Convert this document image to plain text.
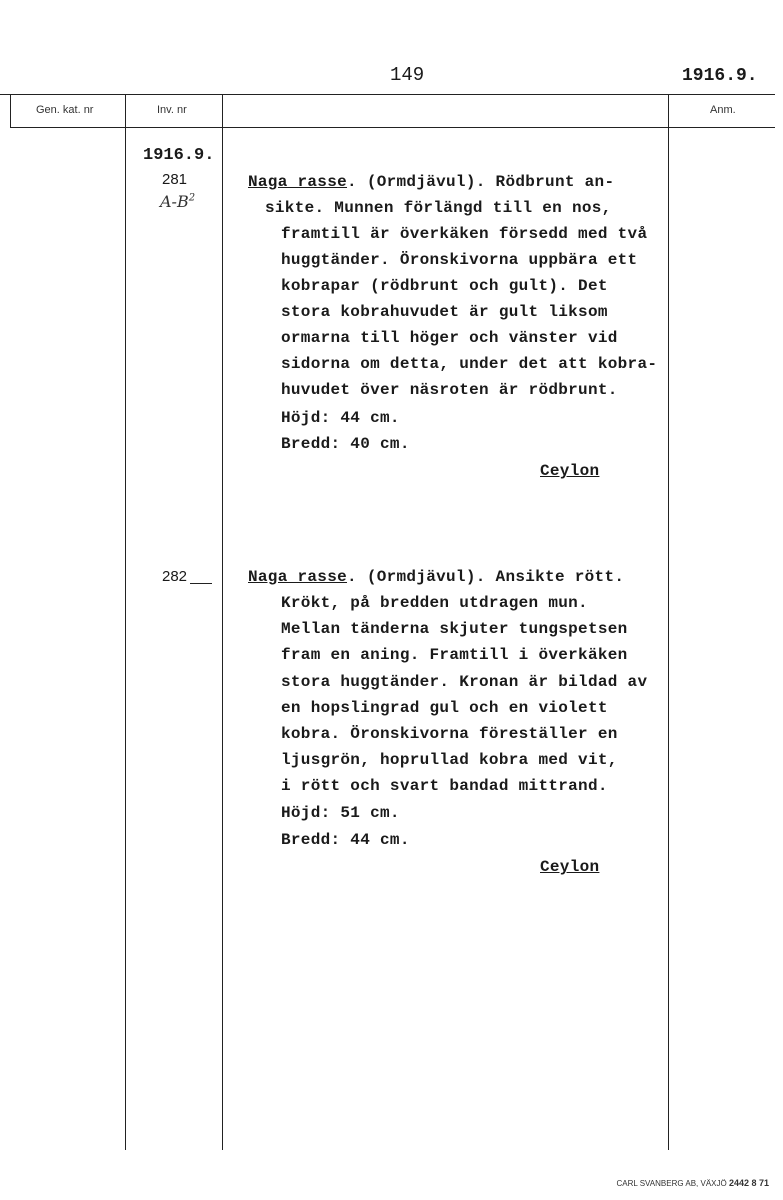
149	1916.9.
Gen. kat. nr	Inv. nr	Anm.
1916.9.
281
$A-B^2$
Naga rasse. (Ormdjävul). Rödbrunt an-
sikte. Munnen förlängd till en nos,
framtill är överkäken försedd med två
huggtänder. Öronskivorna uppbära ett
kobrapar (rödbrunt och gult). Det
stora kobrahuvudet är gult liksom
ormarna till höger och vänster vid
sidorna om detta, under det att kobra-
huvudet över näsroten är rödbrunt.
Höjd: 44 cm.
Bredd: 40 cm.
Ceylon
282	Naga rasse. (Ormdjävul). Ansikte rött.
Krökt, på bredden utdragen mun.
Mellan tänderna skjuter tungspetsen
fram en aning. Framtill i överkäken
stora huggtänder. Kronan är bildad av
en hopslingrad gul och en violett
kobra. Öronskivorna föreställer en
ljusgrön, hoprullad kobra med vit,
i rött och svart bandad mittrand.
Höjd: 51 cm.
Bredd: 44 cm.
Ceylon
CARL SVANBERG AB, VÄXJÖ 2442 8 71
